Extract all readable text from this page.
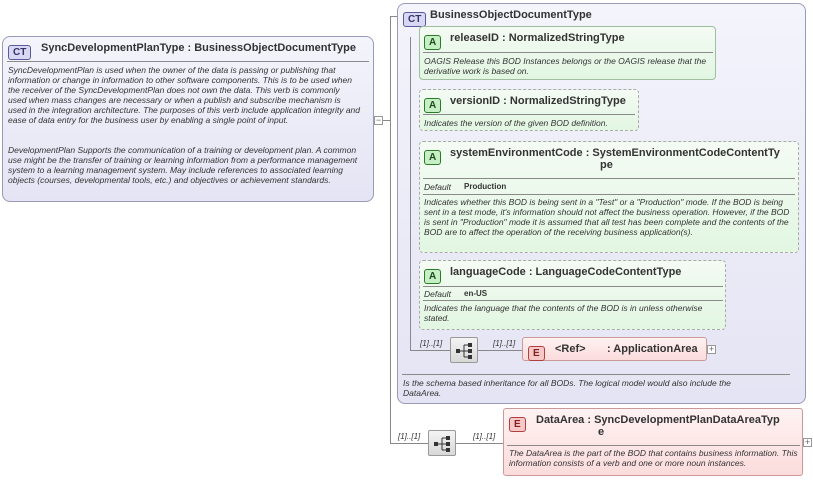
CT	SyncDevelopmentPlanType : BusinessObjectDocumentType
SyncDevelopmentPlan is used when the owner of the data is passing or publishing that information or change in information to other software components. This is to be used when the receiver of the SyncDevelopmentPlan does not own the data. This verb is commonly used when mass changes are necessary or when a publish and subscribe mechanism is used in the integration architecture. The purposes of this verb include application integrity and ease of data entry for the business user by enabling a single point of input.
DevelopmentPlan Supports the communication of a training or development plan. A common use might be the transfer of training or learning information from a performance management system to a learning management system. May include references to associated learning objects (courses, developmental tools, etc.) and objectives or achievement standards.
−
CT BusinessObjectDocumentType
Is the schema based inheritance for all BODs. The logical model would also include the DataArea.
A	releaseID : NormalizedStringType
OAGIS Release this BOD Instances belongs or the OAGIS release that the derivative work is based on.
A	versionID : NormalizedStringType
Indicates the version of the given BOD definition.
A	systemEnvironmentCode : SystemEnvironmentCodeContentTy
pe
Default Production
Indicates whether this BOD is being sent in a "Test" or a "Production" mode. If the BOD is being sent in a test mode, it's information should not affect the business operation. However, if the BOD is sent in "Production" mode it is assumed that all test has been complete and the contents of the BOD are to affect the operation of the receiving business application(s).
A	languageCode : LanguageCodeContentType
Default en-US
Indicates the language that the contents of the BOD is in unless otherwise stated.
[1]..[1]	[1]..[1]
E	<Ref> : ApplicationArea +
[1]..[1]	[1]..[1]
E	DataArea : SyncDevelopmentPlanDataAreaTyp
e
The DataArea is the part of the BOD that contains business information. This information consists of a verb and one or more noun instances.
+
